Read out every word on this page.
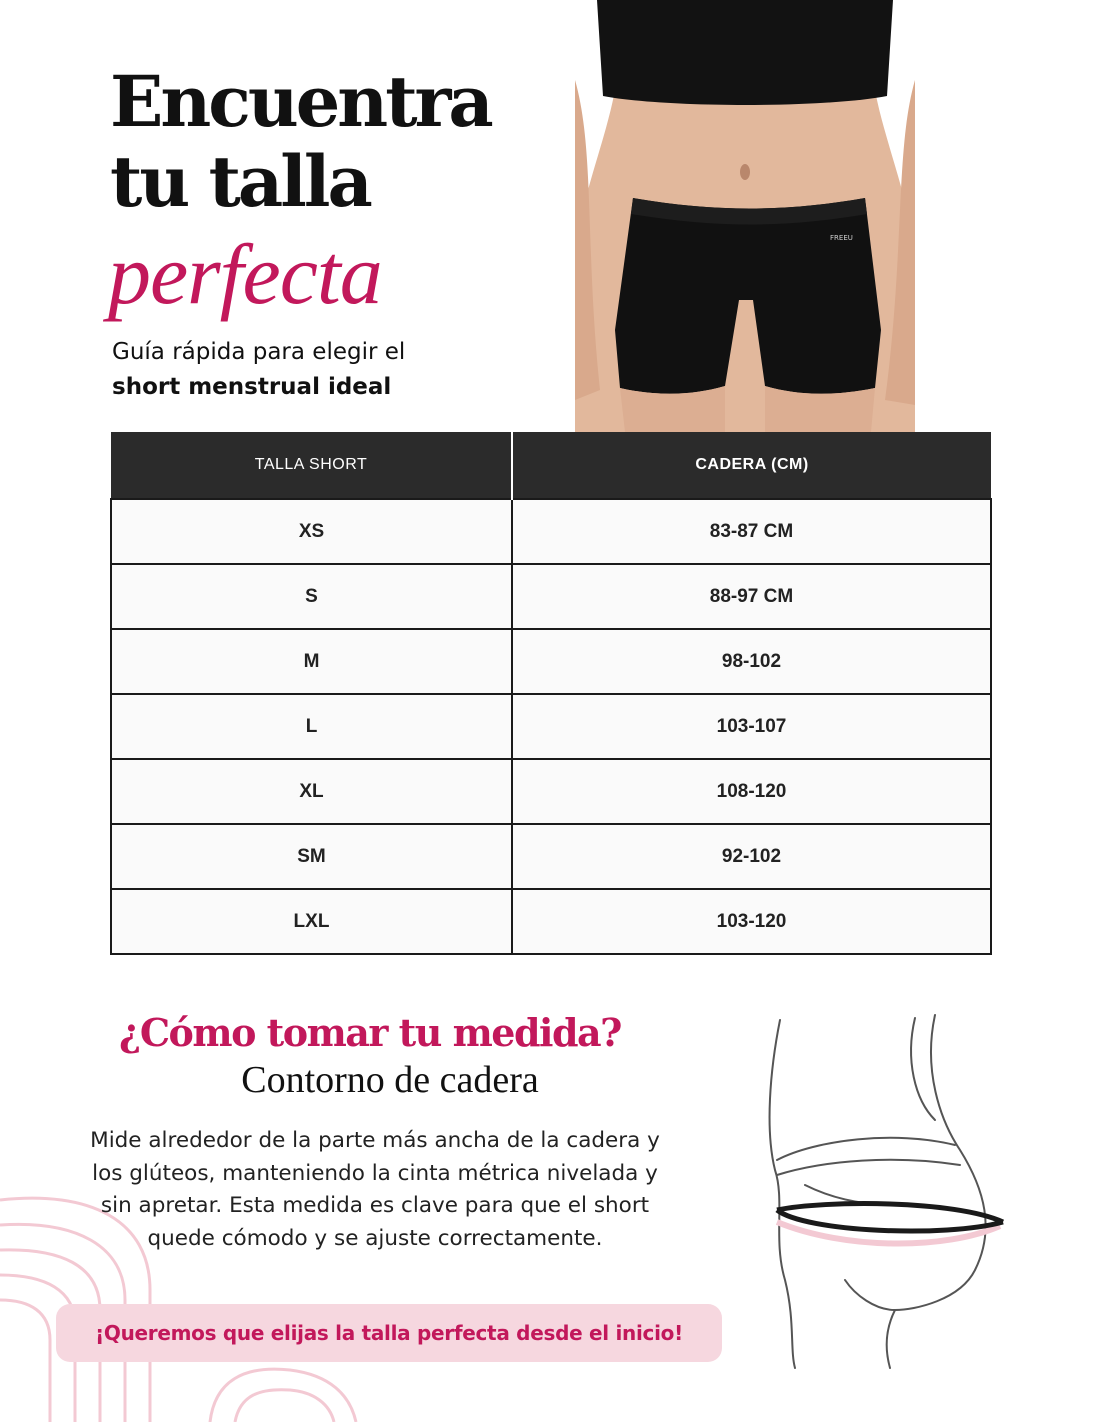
Encuentra
tu talla
perfecta
Guía rápida para elegir el
short menstrual ideal
FREEU
TALLA SHORT	CADERA (CM)
XS	83-87 CM
S	88-97 CM
M	98-102
L	103-107
XL	108-120
SM	92-102
LXL	103-120
¿Cómo tomar tu medida?
Contorno de cadera

Mide alrededor de la parte más ancha de la cadera y los glúteos, manteniendo la cinta métrica nivelada y sin apretar. Esta medida es clave para que el short quede cómodo y se ajuste correctamente.

¡Queremos que elijas la talla perfecta desde el inicio!
